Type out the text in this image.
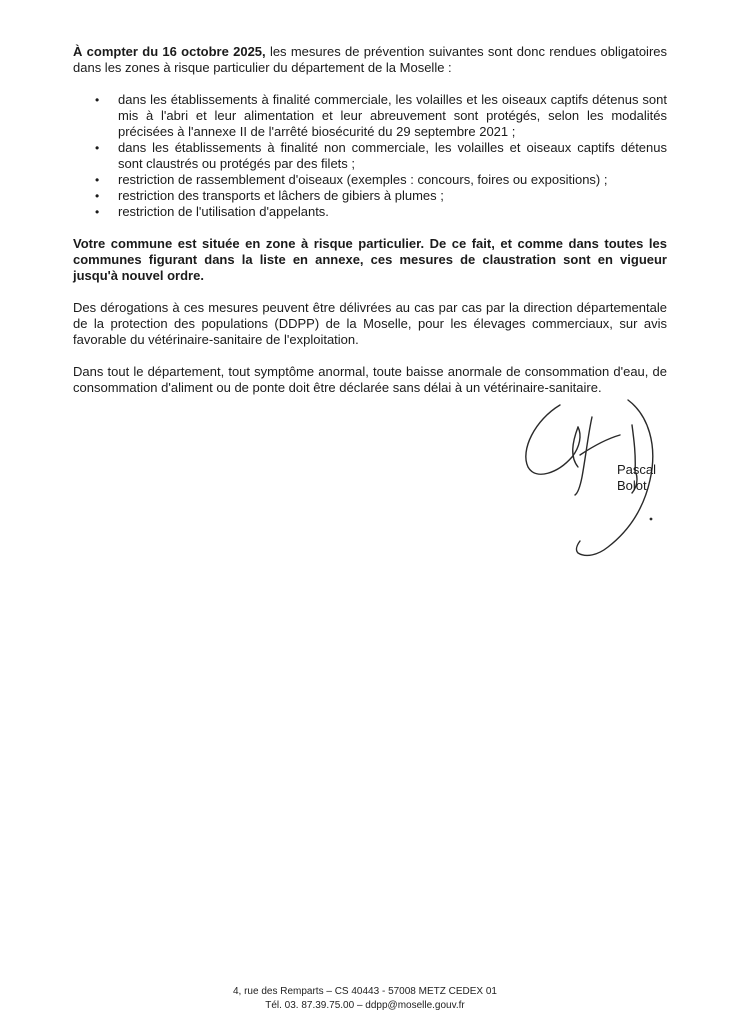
À compter du 16 octobre 2025, les mesures de prévention suivantes sont donc rendues obligatoires dans les zones à risque particulier du département de la Moselle :

• dans les établissements à finalité commerciale, les volailles et les oiseaux captifs détenus sont mis à l'abri et leur alimentation et leur abreuvement sont protégés, selon les modalités précisées à l'annexe II de l'arrêté biosécurité du 29 septembre 2021 ;
• dans les établissements à finalité non commerciale, les volailles et oiseaux captifs détenus sont claustrés ou protégés par des filets ;
• restriction de rassemblement d'oiseaux (exemples : concours, foires ou expositions) ;
• restriction des transports et lâchers de gibiers à plumes ;
• restriction de l'utilisation d'appelants.

Votre commune est située en zone à risque particulier. De ce fait, et comme dans toutes les communes figurant dans la liste en annexe, ces mesures de claustration sont en vigueur jusqu'à nouvel ordre.

Des dérogations à ces mesures peuvent être délivrées au cas par cas par la direction départementale de la protection des populations (DDPP) de la Moselle, pour les élevages commerciaux, sur avis favorable du vétérinaire-sanitaire de l'exploitation.

Dans tout le département, tout symptôme anormal, toute baisse anormale de consommation d'eau, de consommation d'aliment ou de ponte doit être déclarée sans délai à un vétérinaire-sanitaire.

Pascal Bolot
4, rue des Remparts – CS 40443 - 57008 METZ CEDEX 01
Tél. 03. 87.39.75.00 – ddpp@moselle.gouv.fr
